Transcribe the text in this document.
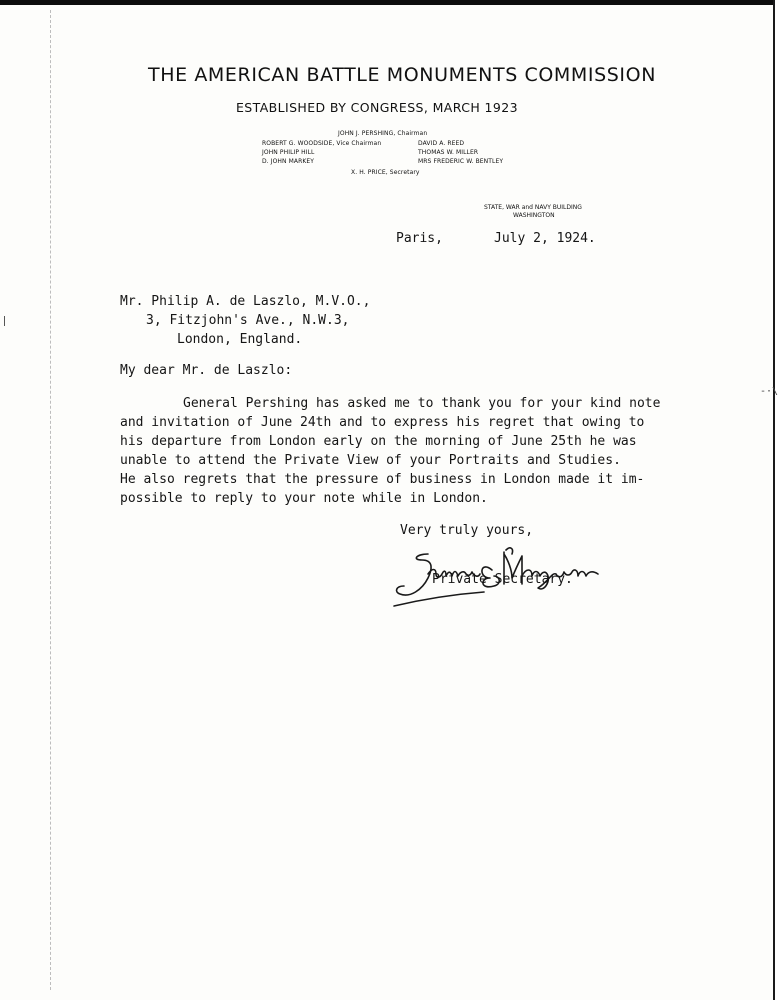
-·\
THE AMERICAN BATTLE MONUMENTS COMMISSION
ESTABLISHED BY CONGRESS, MARCH 1923
JOHN J. PERSHING, Chairman
ROBERT G. WOODSIDE, Vice Chairman
JOHN PHILIP HILL
D. JOHN MARKEY
DAVID A. REED
THOMAS W. MILLER
MRS FREDERIC W. BENTLEY
X. H. PRICE, Secretary
STATE, WAR and NAVY BUILDING
WASHINGTON
Paris,	July 2, 1924.
Mr. Philip A. de Laszlo, M.V.O.,
3, Fitzjohn's Ave., N.W.3,
London, England.
My dear Mr. de Laszlo:
General Pershing has asked me to thank you for your kind note
and invitation of June 24th and to express his regret that owing to
his departure from London early on the morning of June 25th he was
unable to attend the Private View of your Portraits and Studies.
He also regrets that the pressure of business in London made it im-
possible to reply to your note while in London.
Very truly yours,
Private Secretary.
